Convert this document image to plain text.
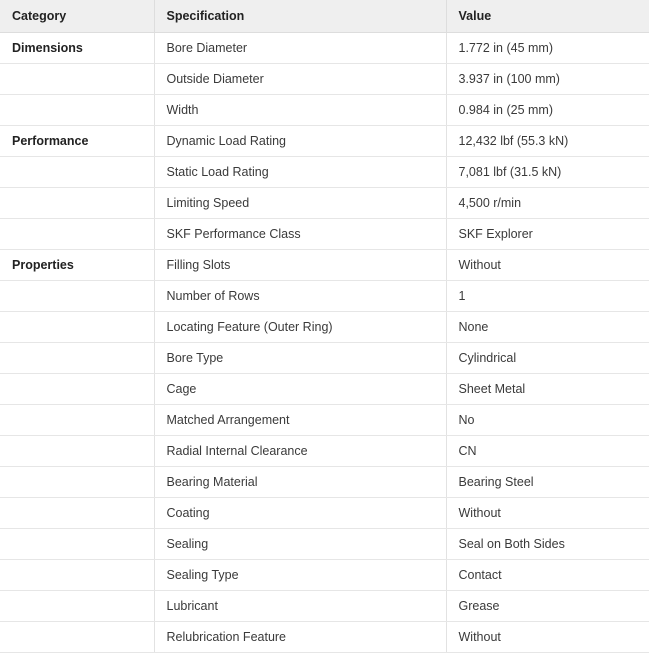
Category	Specification	Value
Dimensions	Bore Diameter	1.772 in (45 mm)
	Outside Diameter	3.937 in (100 mm)
	Width	0.984 in (25 mm)
Performance	Dynamic Load Rating	12,432 lbf (55.3 kN)
	Static Load Rating	7,081 lbf (31.5 kN)
	Limiting Speed	4,500 r/min
	SKF Performance Class	SKF Explorer
Properties	Filling Slots	Without
	Number of Rows	1
	Locating Feature (Outer Ring)	None
	Bore Type	Cylindrical
	Cage	Sheet Metal
	Matched Arrangement	No
	Radial Internal Clearance	CN
	Bearing Material	Bearing Steel
	Coating	Without
	Sealing	Seal on Both Sides
	Sealing Type	Contact
	Lubricant	Grease
	Relubrication Feature	Without
